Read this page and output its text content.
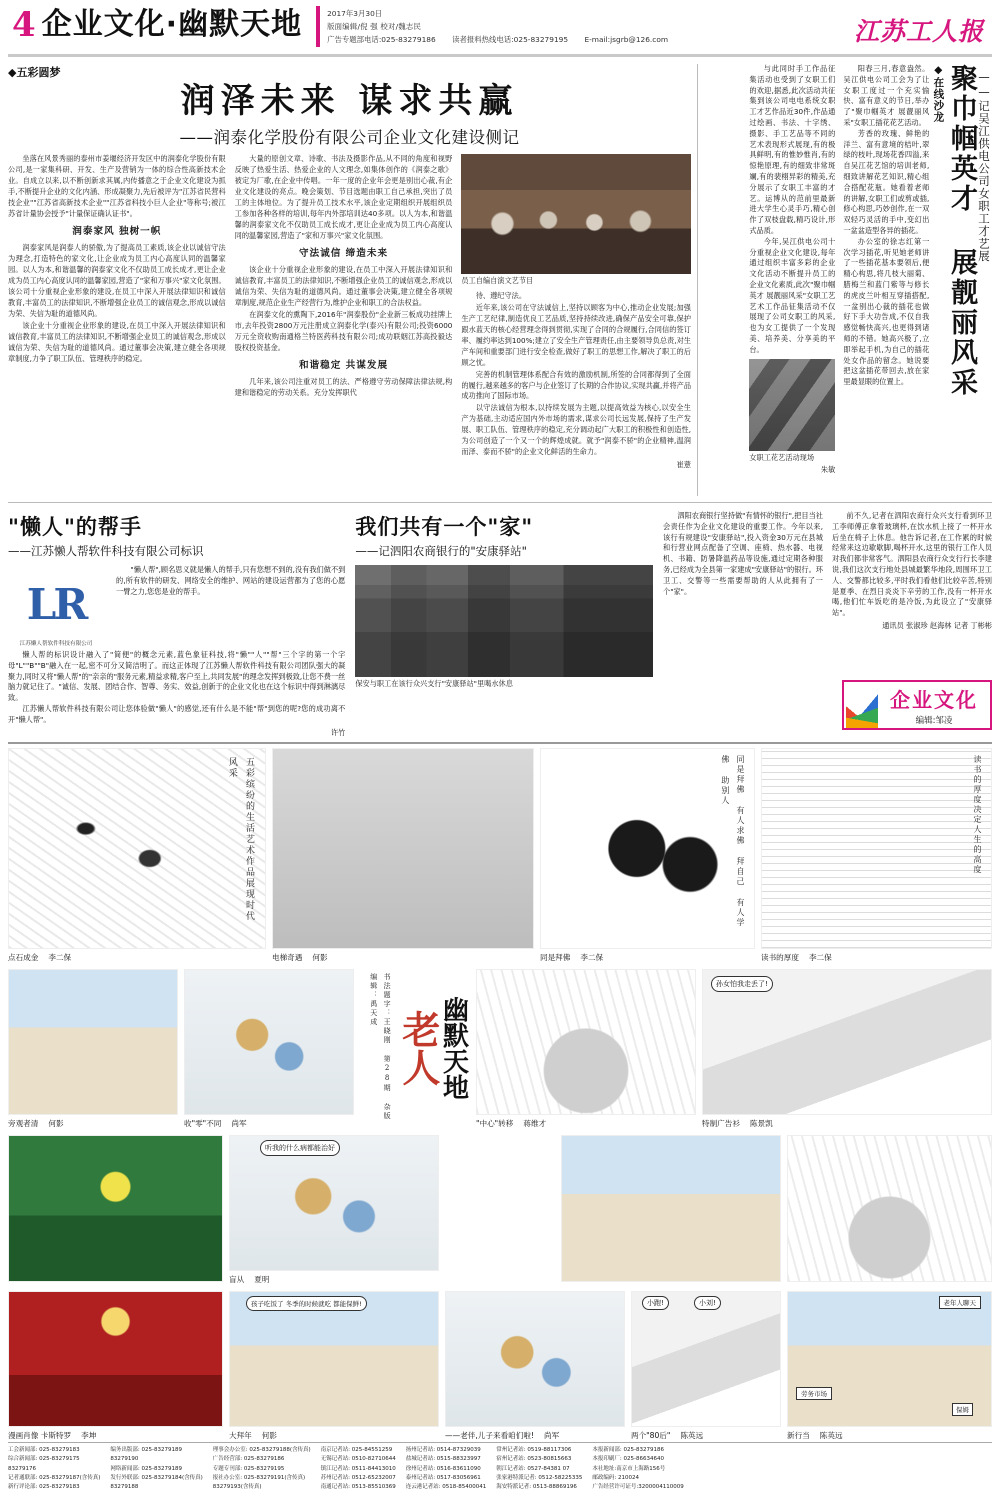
4 企业文化·幽默天地	2017年3月30日
版面编辑/倪 强 校对/魏志民
广告专题部电话:025-83279186 读者报料热线电话:025-83279195 E-mail:jsgrb@126.com	江苏工人报
◆五彩圆梦
润泽未来 谋求共赢
——润泰化学股份有限公司企业文化建设侧记

坐落在风景秀丽的泰州市姜堰经济开发区中的润泰化学股份有限公司,是一家集科研、开发、生产及营销为一体的综合性高新技术企业。自成立以来,以不断创新求其属,内传播意之于企业文化建设为抓手,不断提升企业的文化内涵、形成凝聚力,先后被评为"江苏省民营科技企业""江苏省高新技术企业""江苏省科技小巨人企业"等称号;被江苏省计量协会授予"计量保证确认证书"。

润泰家风 独树一帜

润泰家风是润泰人的骄傲,为了提高员工素质,该企业以诚信守法为理念,打造特色的家文化,让企业成为员工内心高度认同的温馨家园。以人为本,和谐温馨的润泰家文化不仅助员工成长成才,更让企业成为员工内心高度认同的温馨家园,营造了"家和万事兴"家文化氛围。该公司十分重视企业形象的建设,在员工中深入开展法律知识和诚信教育,丰富员工的法律知识,不断增强企业员工的诚信观念,形成以诚信为荣、失信为耻的道德风尚。

该企业十分重视企业形象的建设,在员工中深入开展法律知识和诚信教育,丰富员工的法律知识,不断增强企业员工的诚信观念,形成以诚信为荣、失信为耻的道德风尚。通过董事会决策,建立健全各项规章制度,力争了职工队伍、管理秩序的稳定。

大量的原创文章、诗歌、书法及摄影作品,从不同的角度和视野反映了热爱生活、热爱企业的人文理念,如集体创作的《润泰之歌》被定为厂歌,在企业中传唱。一年一度的企业年会更是别出心裁,有企业文化建设的亮点。晚会策划、节目选题由职工自己承担,突出了员工的主体地位。为了提升员工技术水平,该企业定期组织开展组织员工参加各种各样的培训,每年内外部培训达40多项。以人为本,和谐温馨的润泰家文化不仅助员工成长成才,更让企业成为员工内心高度认同的温馨家园,营造了"家和万事兴"家文化氛围。

守法诚信 缔造未来

该企业十分重视企业形象的建设,在员工中深入开展法律知识和诚信教育,丰富员工的法律知识,不断增强企业员工的诚信观念,形成以诚信为荣、失信为耻的道德风尚。通过董事会决策,建立健全各项规章制度,规范企业生产经营行为,维护企业和职工的合法权益。

在润泰文化的熏陶下,2016年"润泰股份"企业新三板成功挂牌上市,去年投资2800万元注册成立润泰化学(泰兴)有限公司;投资6000万元全资收购南通格兰特医药科技有限公司;成功联姻江苏高投毅达股权投资基金。

和谐稳定 共谋发展

几年来,该公司注重对员工的法、严格遵守劳动保障法律法规,构建和谐稳定的劳动关系。充分发挥职代

员工自编自演文艺节目

待、遵纪守法。

近年来,该公司在守法诚信上,坚持以顾客为中心,推动企业发展;加强生产工艺纪律,制造优良工艺品质,坚持持续改进,确保产品安全可靠,保护跟水蓝天的核心经营理念得到贯彻,实现了合同的合规履行,合同信的签订率、履约率达到100%;建立了安全生产管理责任,由主要领导负总责,对生产车间和重要部门进行安全检查,做好了职工的思想工作,解决了职工的后顾之忧。

完善的机制管理体系配合有效的激励机制,所签的合同都得到了全面的履行,越来越多的客户与企业签订了长期的合作协议,实现共赢,并将产品成功推向了国际市场。

以守法诚信为根本,以持续发展为主题,以提高效益为核心,以安全生产为基础,主动适应国内外市场的需求,谋求公司长远发展,保持了生产发展、职工队伍、管理秩序的稳定,充分调动起广大职工的积极性和创造性,为公司创造了一个又一个的辉煌成就。就予"润泰不骄"的企业精神,温润而泽、泰而不骄"的企业文化鲜活的生命力。

崔薏
◆在线沙龙 聚巾帼英才 展靓丽风采 ——记吴江供电公司女职工才艺展

与此同时手工作品征集活动也受到了女职工们的欢迎,据悉,此次活动共征集到该公司电电系统女职工才艺作品近30件,作品通过绘画、书法、十字绣、摄影、手工艺品等不同的艺术表现形式展现,有的极具鲜明,有的惟妙惟肖,有的惊艳原理,有的细致非常斑斓,有的裴栩异彩的精美,充分展示了女职工丰富的才艺。运博从的范前里最新进大学生心灵手巧,精心创作了双枝盘载,精巧设计,形式品质。

今年,吴江供电公司十分重视企业文化建设,每年通过组织丰富多彩的企业文化活动不断提升员工的企业文化素质,此次"聚巾帼英才 展靓丽风采"女职工艺艺术工作品征集活动不仅展现了公司女职工的风采,也为女工提供了一个发现美、培养美、分享美的平台。

女职工花艺活动现场
朱敏

阳春三月,春意盎然。吴江供电公司工会为了让女职工度过一个充实愉快、富有意义的节日,举办了"聚巾帼英才 展靓丽风采"女职工插花花艺活动。

芳香的玫瑰、鲜艳的洋兰、富有意境的桔叶,翠绿的枝叶,现场花香四溢,来自吴江花艺馆的培训老师,细致讲解花艺知识,精心组合搭配花瓶。她看着老师的讲解,女职工们或剪或插,修心构思,巧妙创作,在一双双轻巧灵活的手中,变幻出一盆盆造型各异的插花。

办公室的徐志红第一次学习插花,听见她老师讲了一些插花基本要领后,便精心构思,将几枝大丽菊、腊梅兰和蓝门紫等与修长的虎皮兰叶相互穿插搭配,一盆别出心裁的插花也做好下手大功告成,不仅自我感觉畅快高兴,也更得到诸师的不错。她高兴极了,立即举起手机,为自己的插花处女作品的留念。她说要把这盆插花带回去,放在家里最显眼的位置上。

"懒人"的帮手
——江苏懒人帮软件科技有限公司标识
LR
江苏懒人帮软件科技有限公司

"懒人帮",顾名思义就是懒人的帮手,只有您想不到的,没有我们做不到的,所有软件的研发、网络安全的维护、网站的建设运营都为了您的心愿一臂之力,您您是业的帮手。

懒人帮的标识设计融入了"简便"的概念元素,蓝色象征科技,将"懒""人""帮"三个字的第一个字母"L""B""B"融入在一起,密不可分又简洁明了。而这正体现了江苏懒人帮软件科技有限公司团队强大的凝聚力,同时又将"懒人帮"的"亲亲的"服务元素,精益求精,客户至上,共同发展"的理念发挥到极致,让您不费一丝脑力就记住了。"诚信、发展、团结合作、智尊、务实、效益,创新于的企业文化也在这个标识中得到淋漓尽致。

江苏懒人帮软件科技有限公司让您体验做"懒人"的感觉,还有什么是不能"帮"到您的呢?您的成功离不开"懒人帮"。

许竹
我们共有一个"家"
——记泗阳农商银行的"安康驿站"
保安与职工在该行众兴支行"安康驿站"里喝水休息

泗阳农商银行坚持做"有情怀的银行",把目当社会责任作为企业文化建设的重要工作。今年以来,该行有规建设"安康驿站",投入资金30万元在县城和行营业网点配备了空调、座椅、热水器、电视机、书籍、防暑降温药品等设施,通过定期各种服务,已经成为全县第一家建成"安康驿站"的银行。环卫工、交警等一些需要帮助的人从此拥有了一个"家"。

前不久,记者在泗阳农商行众兴支行看到环卫工李师傅正拿着玻璃杯,在饮水机上接了一杯开水后坐在椅子上休息。他告诉记者,在工作累的时候经常来这边歇歇脚,喝杯开水,这里的银行工作人员对我们都非常客气。泗阳县农商行众支行行长李建说,我们这次支行地处县城最繁华地段,周围环卫工人、交警都比较多,平时我们看他们比较辛苦,特别是夏季、在烈日炎炎下辛劳的工作,没有一杯开水喝,他们忙车饭吃的是冷饭,为此设立了"安康驿站"。

通讯员 张淑珍 赵海林 记者 丁彬彬
企业文化
编辑:邹凌
五彩缤纷的生活艺术作品展现时代风采
点石成金 李二保	电梯奇遇 何影
同是拜佛 有人求佛 拜自己 有人学佛 助别人
同是拜佛 李二保
读书的厚度决定人生的高度
读书的厚度 李二保
旁观者清 何影	收"零"不同 尚军
书法题字：王晓刚 第28期 杂版编辑：禹天成
老人
幽默天地
"中心"转移 蒋维才
孙女怕我走丢了!
特制广告衫 陈景凯
听我的什么病都能治好
盲从 夏明
漫画肖像 卡斯特罗 李坤
孩子吃饭了 冬季的时候就吃 都能保鲜!
大拜年 何影	——老伴,儿子来看咱们啦! 尚军
小跑!	小刘!
两个"80后" 陈英远
老年人聊天
劳务市场
保姆
新行当 陈英远
工会新闻部: 025-83279183
综合新闻部: 025-83279175
83279176
记者通联部: 025-83279187(含传真)
新行评论部: 025-83279183
编务出版部: 025-83279189
83279190
网络新闻部: 025-83279189
发行外联部: 025-83279184(含传真)
83279188
理事会办公室: 025-83279188(含传真)
广告经营部: 025-83279186
专题专刊部: 025-83279195
报社办公室: 025-83279191(含传真)
83279193(含传真)
南京记者站: 025-84551259
无锡记者站: 0510-82710644
镇江记者站: 0511-84413010
苏州记者站: 0512-65232007
南通记者站: 0513-85510369
扬州记者站: 0514-87329039
盐城记者站: 0515-88323997
徐州记者站: 0516-83611090
泰州记者站: 0517-83056961
连云港记者站: 0518-85400041
常州记者站: 0519-88117306
宿州记者站: 0523-80815663
朝江记者站: 0527-84381 07
张家港特派记者: 0512-58225335
海安特派记者: 0513-88869196
本报新闻部: 025-83279186
本报印刷厂: 025-86634640
本社地址:南京市上海路156号
邮政编码: 210024
广告经营许可证号:3200004110009
